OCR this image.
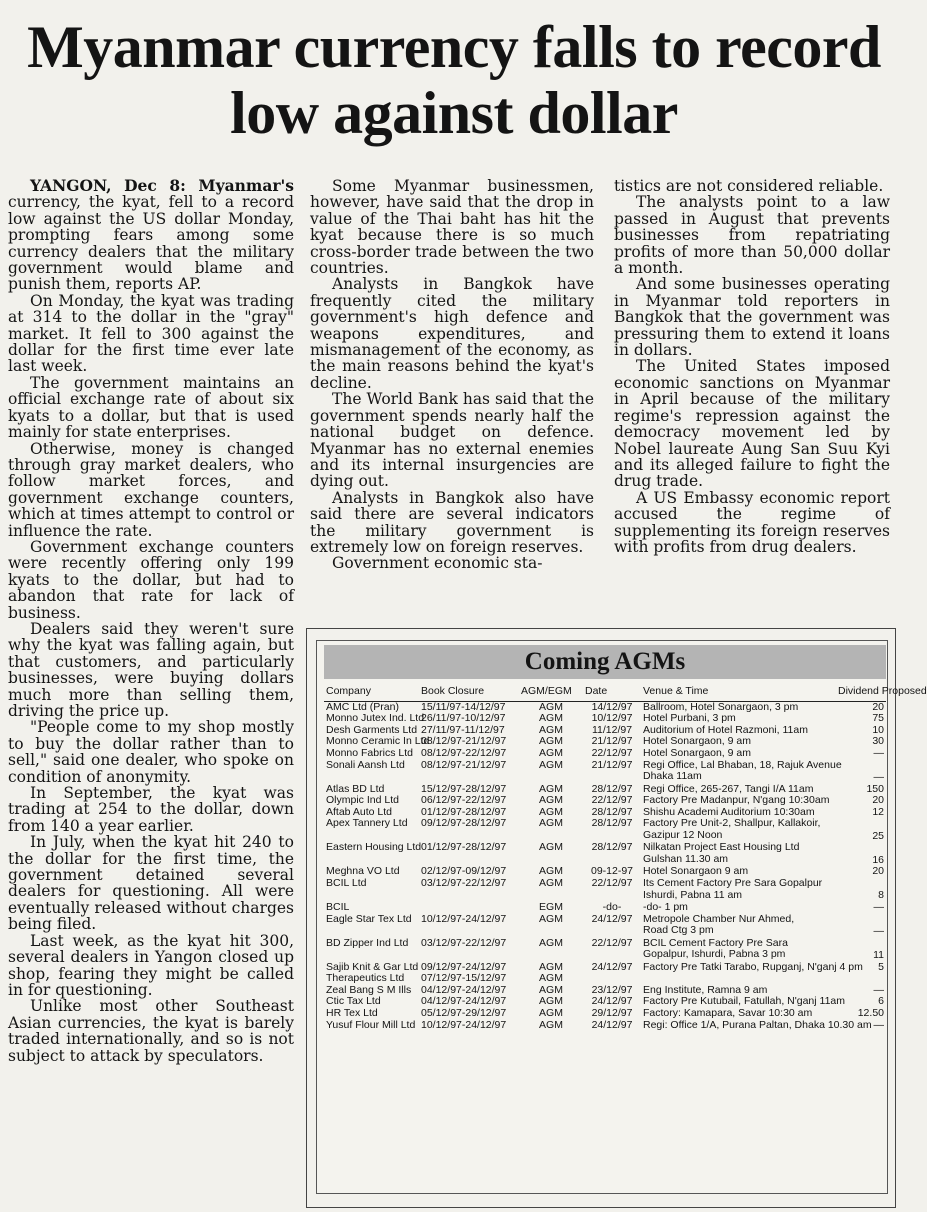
Myanmar currency falls to record low against dollar

YANGON, Dec 8: Myanmar's currency, the kyat, fell to a record low against the US dollar Monday, prompting fears among some currency dealers that the military government would blame and punish them, reports AP.

On Monday, the kyat was trading at 314 to the dollar in the "gray" market. It fell to 300 against the dollar for the first time ever late last week.

The government maintains an official exchange rate of about six kyats to a dollar, but that is used mainly for state enterprises.

Otherwise, money is changed through gray market dealers, who follow market forces, and government exchange counters, which at times attempt to control or influence the rate.

Government exchange counters were recently offering only 199 kyats to the dollar, but had to abandon that rate for lack of business.

Dealers said they weren't sure why the kyat was falling again, but that customers, and particularly businesses, were buying dollars much more than selling them, driving the price up.

"People come to my shop mostly to buy the dollar rather than to sell," said one dealer, who spoke on condition of anonymity.

In September, the kyat was trading at 254 to the dollar, down from 140 a year earlier.

In July, when the kyat hit 240 to the dollar for the first time, the government detained several dealers for questioning. All were eventually released without charges being filed.

Last week, as the kyat hit 300, several dealers in Yangon closed up shop, fearing they might be called in for questioning.

Unlike most other Southeast Asian currencies, the kyat is barely traded internationally, and so is not subject to attack by speculators.

Some Myanmar businessmen, however, have said that the drop in value of the Thai baht has hit the kyat because there is so much cross-border trade between the two countries.

Analysts in Bangkok have frequently cited the military government's high defence and weapons expenditures, and mismanagement of the economy, as the main reasons behind the kyat's decline.

The World Bank has said that the government spends nearly half the national budget on defence. Myanmar has no external enemies and its internal insurgencies are dying out.

Analysts in Bangkok also have said there are several indicators the military government is extremely low on foreign reserves.

Government economic sta-

tistics are not considered reliable.

The analysts point to a law passed in August that prevents businesses from repatriating profits of more than 50,000 dollar a month.

And some businesses operating in Myanmar told reporters in Bangkok that the government was pressuring them to extend it loans in dollars.

The United States imposed economic sanctions on Myanmar in April because of the military regime's repression against the democracy movement led by Nobel laureate Aung San Suu Kyi and its alleged failure to fight the drug trade.

A US Embassy economic report accused the regime of supplementing its foreign reserves with profits from drug dealers.

Coming AGMs
Company	Book Closure	AGM/EGM	Date	Venue & Time	Dividend Proposed
AMC Ltd (Pran)	15/11/97-14/12/97	AGM	14/12/97	Ballroom, Hotel Sonargaon, 3 pm	20
Monno Jutex Ind. Ltd	26/11/97-10/12/97	AGM	10/12/97	Hotel Purbani, 3 pm	75
Desh Garments Ltd	27/11/97-11/12/97	AGM	11/12/97	Auditorium of Hotel Razmoni, 11am	10
Monno Ceramic In Ltd	08/12/97-21/12/97	AGM	21/12/97	Hotel Sonargaon, 9 am	30
Monno Fabrics Ltd	08/12/97-22/12/97	AGM	22/12/97	Hotel Sonargaon, 9 am	—
Sonali Aansh Ltd	08/12/97-21/12/97	AGM	21/12/97	Regi Office, Lal Bhaban, 18, Rajuk Avenue
Dhaka 11am	—
Atlas BD Ltd	15/12/97-28/12/97	AGM	28/12/97	Regi Office, 265-267, Tangi I/A 11am	150
Olympic Ind Ltd	06/12/97-22/12/97	AGM	22/12/97	Factory Pre Madanpur, N'gang 10:30am	20
Aftab Auto Ltd	01/12/97-28/12/97	AGM	28/12/97	Shishu Academi Auditorium 10:30am	12
Apex Tannery Ltd	09/12/97-28/12/97	AGM	28/12/97	Factory Pre Unit-2, Shallpur, Kallakoir,
Gazipur 12 Noon	25
Eastern Housing Ltd	01/12/97-28/12/97	AGM	28/12/97	Nilkatan Project East Housing Ltd
Gulshan 11.30 am	16
Meghna VO Ltd	02/12/97-09/12/97	AGM	09-12-97	Hotel Sonargaon 9 am	20
BCIL Ltd	03/12/97-22/12/97	AGM	22/12/97	Its Cement Factory Pre Sara Gopalpur
Ishurdi, Pabna 11 am	8
BCIL		EGM	-do-	-do- 1 pm	—
Eagle Star Tex Ltd	10/12/97-24/12/97	AGM	24/12/97	Metropole Chamber Nur Ahmed,
Road Ctg 3 pm	—
BD Zipper Ind Ltd	03/12/97-22/12/97	AGM	22/12/97	BCIL Cement Factory Pre Sara
Gopalpur, Ishurdi, Pabna 3 pm	11
Sajib Knit & Gar Ltd	09/12/97-24/12/97	AGM	24/12/97	Factory Pre Tatki Tarabo, Rupganj, N'ganj 4 pm	5
Therapeutics Ltd	07/12/97-15/12/97	AGM			
Zeal Bang S M Ills	04/12/97-24/12/97	AGM	23/12/97	Eng Institute, Ramna 9 am	—
Ctic Tax Ltd	04/12/97-24/12/97	AGM	24/12/97	Factory Pre Kutubail, Fatullah, N'ganj 11am	6
HR Tex Ltd	05/12/97-29/12/97	AGM	29/12/97	Factory: Kamapara, Savar 10:30 am	12.50
Yusuf Flour Mill Ltd	10/12/97-24/12/97	AGM	24/12/97	Regi: Office 1/A, Purana Paltan, Dhaka 10.30 am	—
